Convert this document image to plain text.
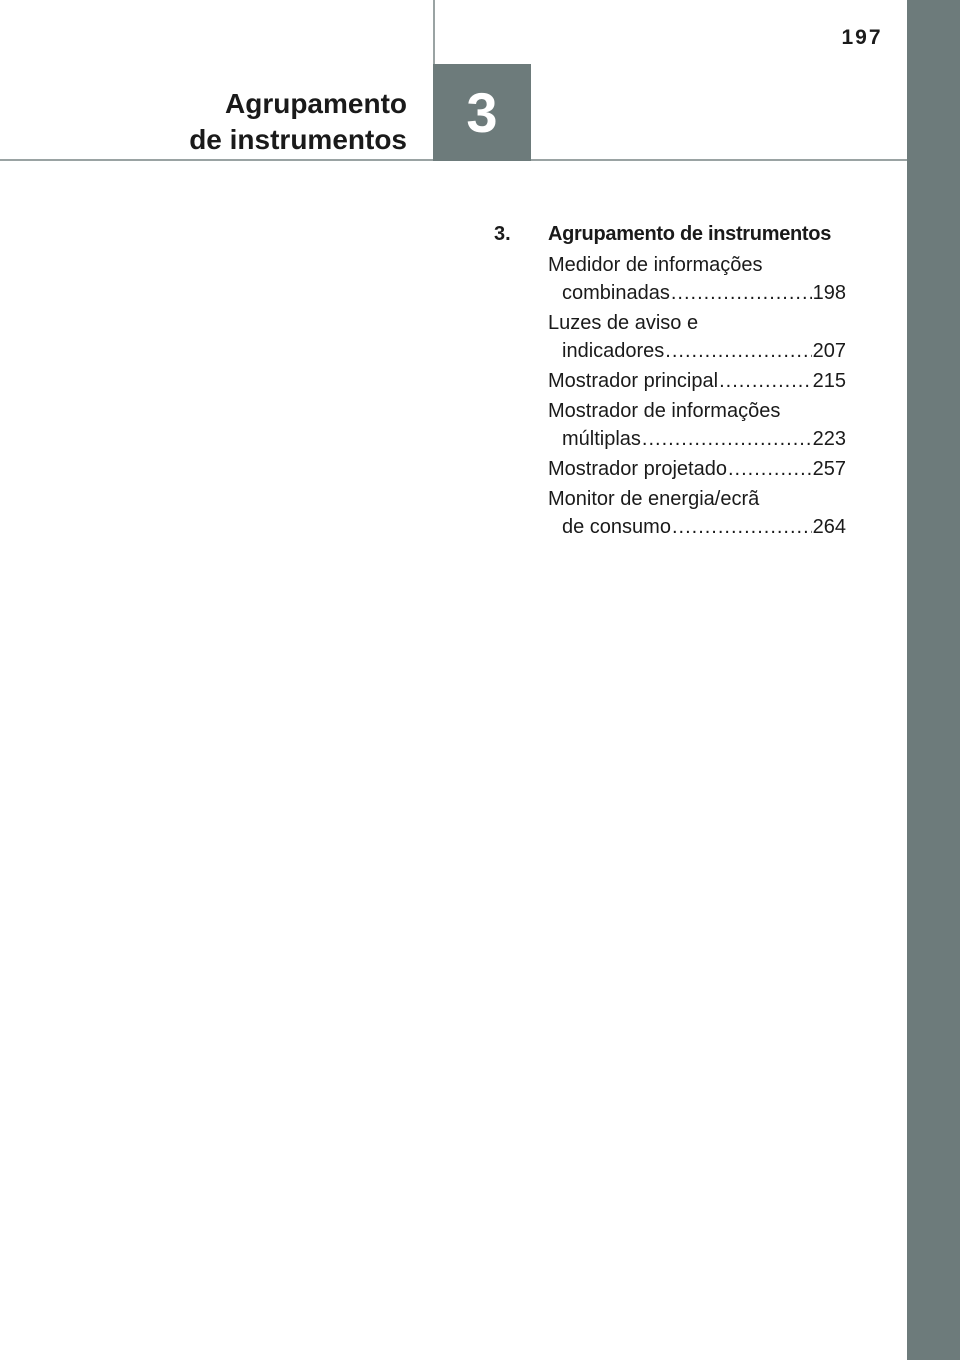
197
Agrupamento
de instrumentos 3
3.	Agrupamento de instrumentos
Medidor de informações
combinadas .....	198
Luzes de aviso e
indicadores .....	207
Mostrador principal .....	215
Mostrador de informações
múltiplas .....	223
Mostrador projetado .....	257
Monitor de energia/ecrã
de consumo .....	264
